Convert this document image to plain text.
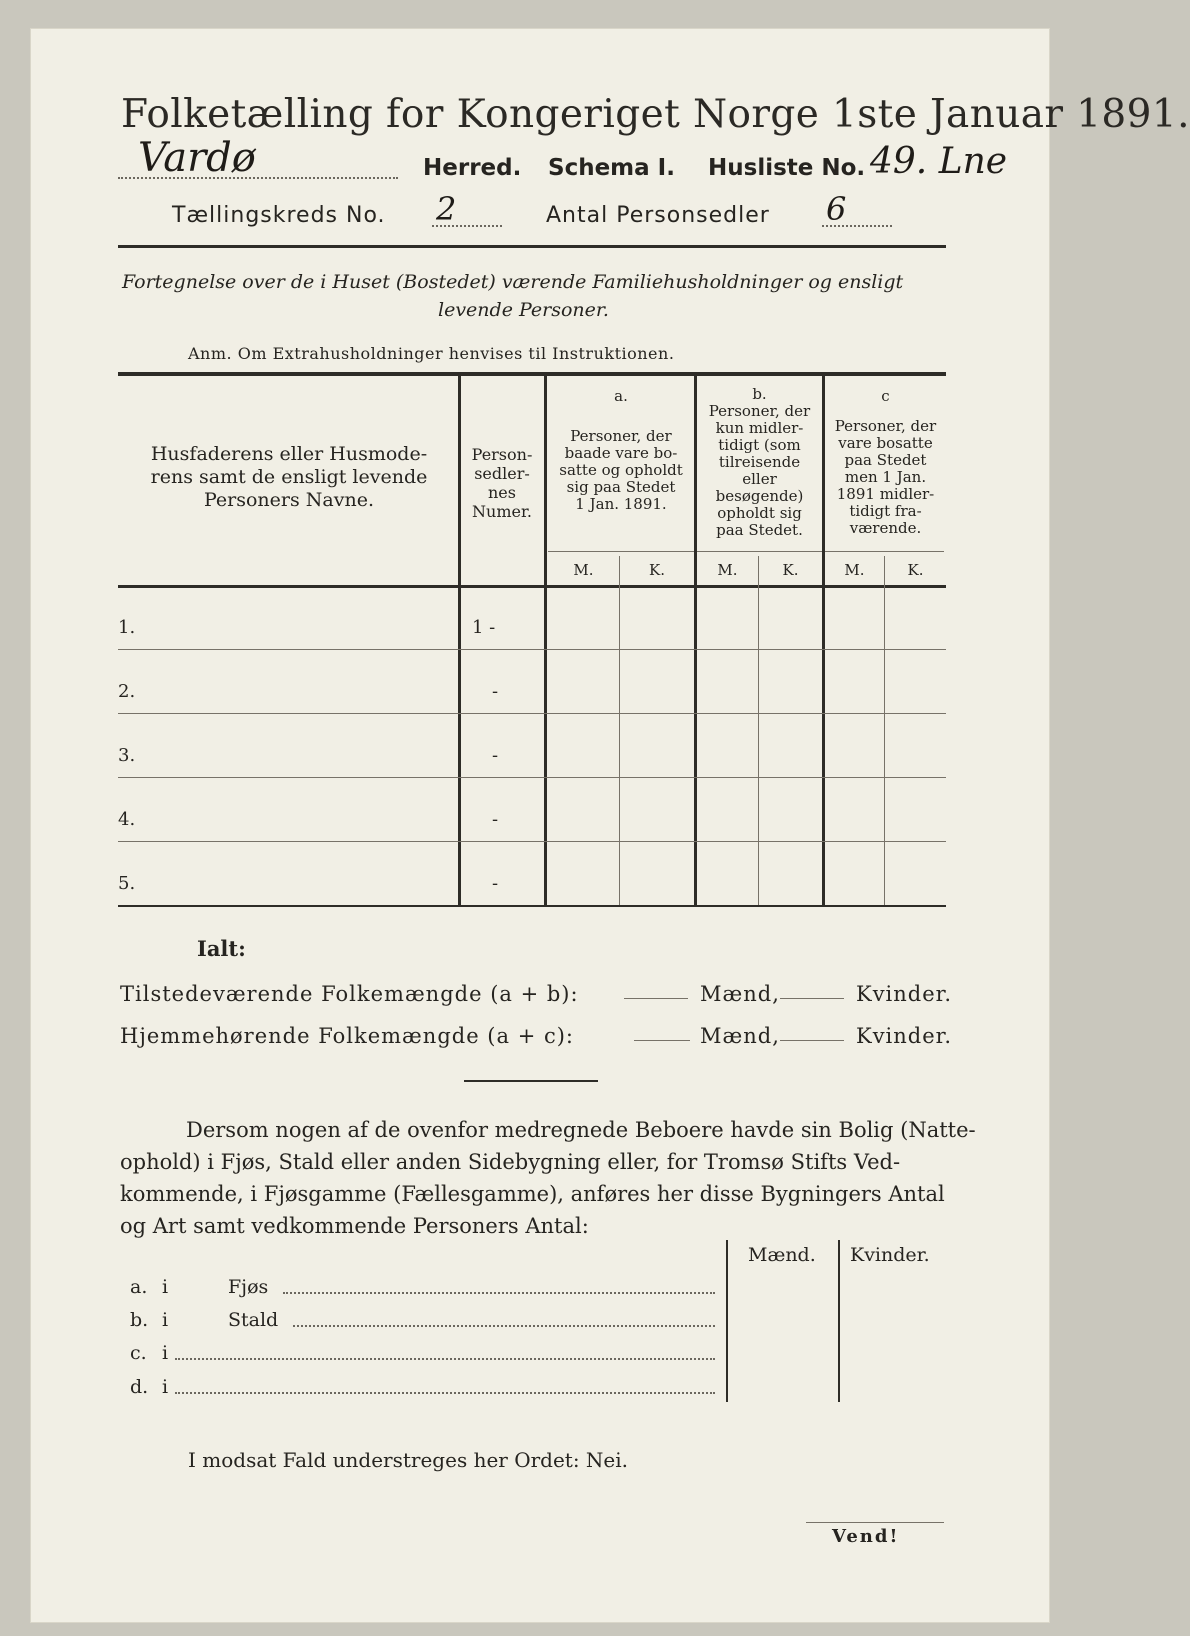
Folketælling for Kongeriget Norge 1ste Januar 1891.
Vardø	Herred. Schema I. Husliste No. 49. Lne
Tællingskreds No. 2	Antal Personsedler 6
Fortegnelse over de i Huset (Bostedet) værende Familiehusholdninger og ensligt
levende Personer.
Anm. Om Extrahusholdninger henvises til Instruktionen.
Husfaderens eller Husmode-
rens samt de ensligt levende
Personers Navne.
Person-
sedler-
nes
Numer.
a.
Personer, der
baade vare bo-
satte og opholdt
sig paa Stedet
1 Jan. 1891.
b.
Personer, der
kun midler-
tidigt (som
tilreisende
eller
besøgende)
opholdt sig
paa Stedet.
c
Personer, der
vare bosatte
paa Stedet
men 1 Jan.
1891 midler-
tidigt fra-
værende.
M.	K.	M.	K.	M.	K.
1.	1 -
2.	-
3.	-
4.	-
5.	-
Ialt:
Tilstedeværende Folkemængde (a + b):	Mænd,	Kvinder.
Hjemmehørende Folkemængde (a + c):	Mænd,	Kvinder.
Dersom nogen af de ovenfor medregnede Beboere havde sin Bolig (Natte-
ophold) i Fjøs, Stald eller anden Sidebygning eller, for Tromsø Stifts Ved-
kommende, i Fjøsgamme (Fællesgamme), anføres her disse Bygningers Antal
og Art samt vedkommende Personers Antal:
Mænd. Kvinder.
a. i	Fjøs
b. i	Stald
c. i
d. i
I modsat Fald understreges her Ordet: Nei.
Vend!
